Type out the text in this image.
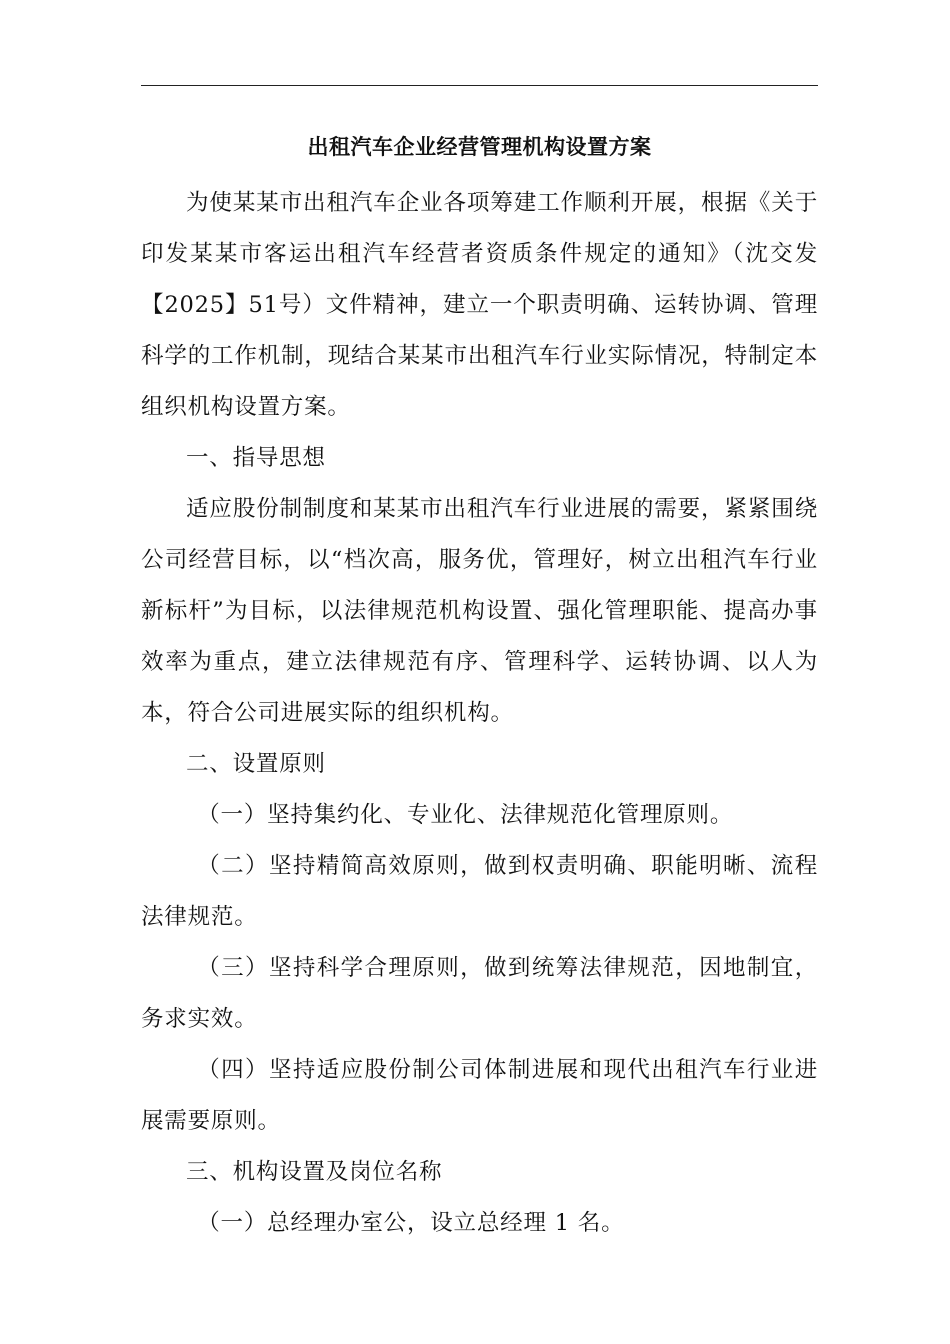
出租汽车企业经营管理机构设置方案

为使某某市出租汽车企业各项筹建工作顺利开展，根据《关于印发某某市客运出租汽车经营者资质条件规定的通知》（沈交发【2025】51号）文件精神，建立一个职责明确、运转协调、管理科学的工作机制，现结合某某市出租汽车行业实际情况，特制定本组织机构设置方案。

一、指导思想

适应股份制制度和某某市出租汽车行业进展的需要，紧紧围绕公司经营目标，以“档次高，服务优，管理好，树立出租汽车行业新标杆”为目标，以法律规范机构设置、强化管理职能、提高办事效率为重点，建立法律规范有序、管理科学、运转协调、以人为本，符合公司进展实际的组织机构。

二、设置原则

（一）坚持集约化、专业化、法律规范化管理原则。

（二）坚持精简高效原则，做到权责明确、职能明晰、流程法律规范。

（三）坚持科学合理原则，做到统筹法律规范，因地制宜，务求实效。

（四）坚持适应股份制公司体制进展和现代出租汽车行业进展需要原则。

三、机构设置及岗位名称

（一）总经理办室公，设立总经理 1 名。
